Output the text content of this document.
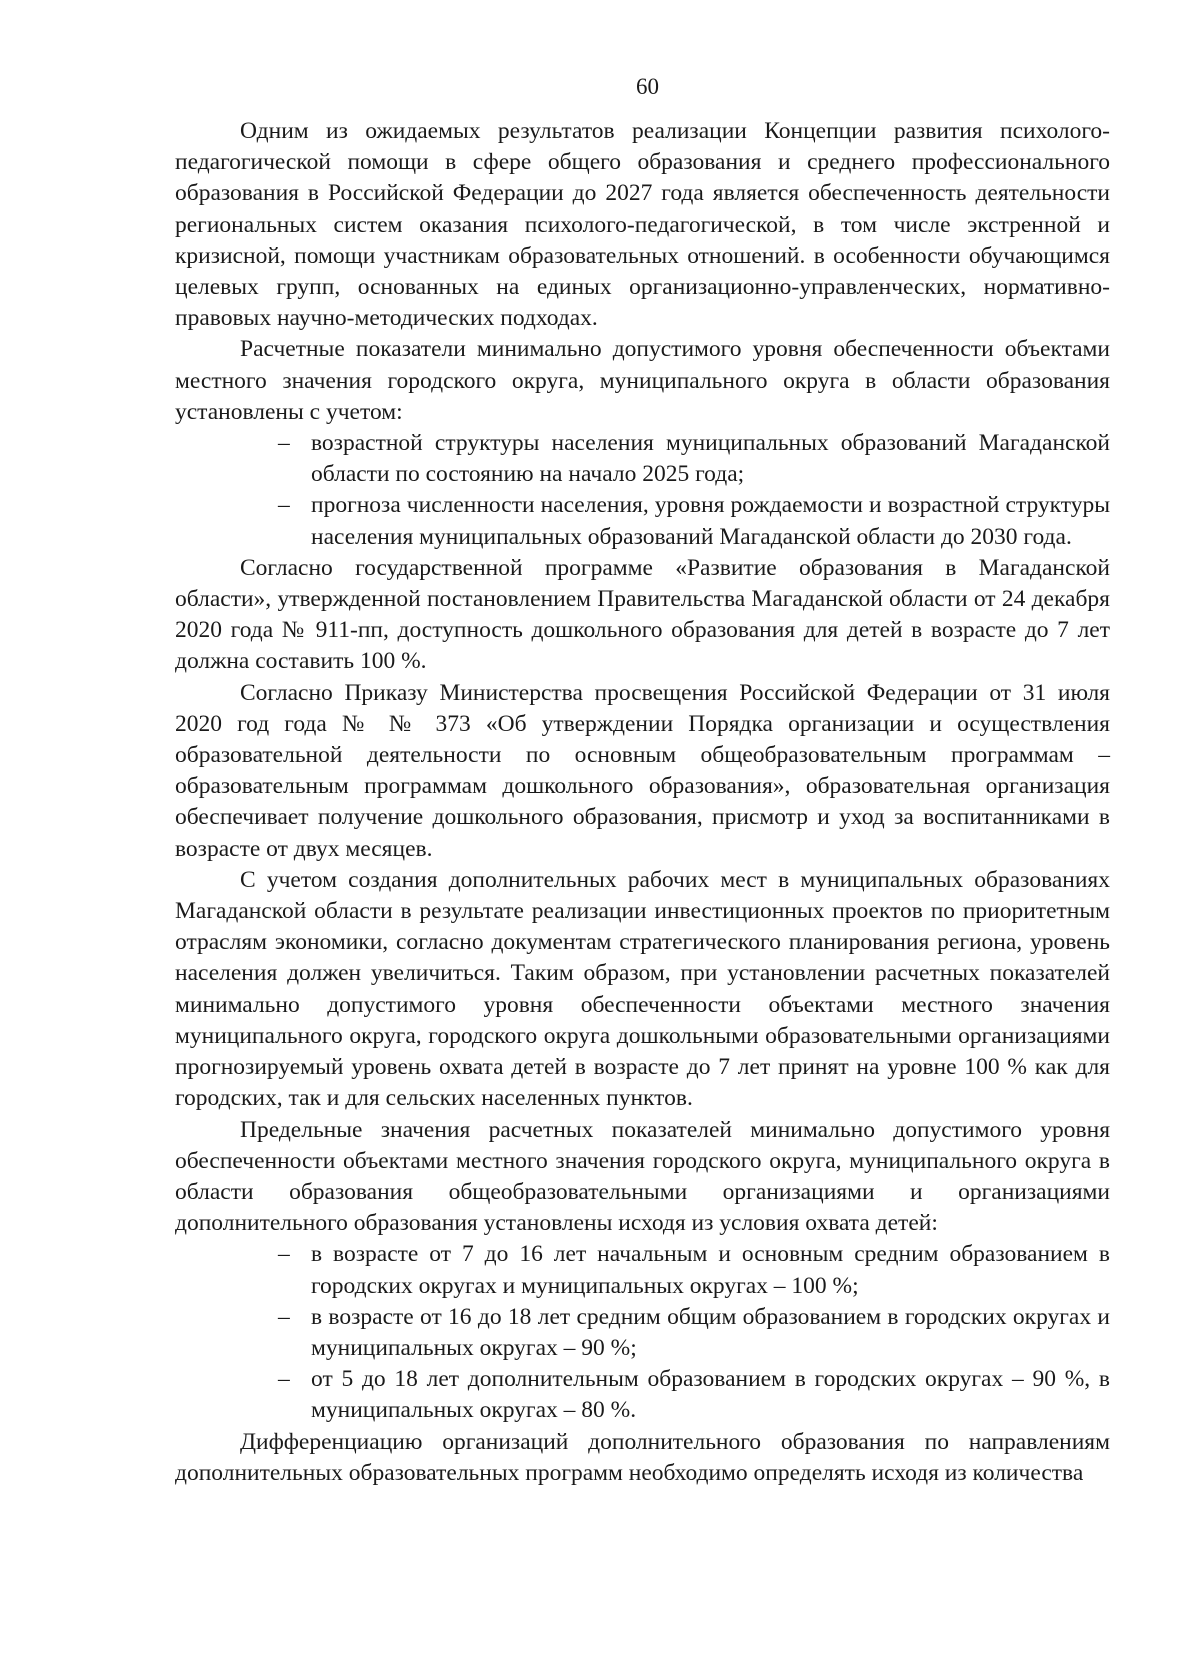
60

Одним из ожидаемых результатов реализации Концепции развития психолого-педагогической помощи в сфере общего образования и среднего профессионального образования в Российской Федерации до 2027 года является обеспеченность деятельности региональных систем оказания психолого-педагогической, в том числе экстренной и кризисной, помощи участникам образовательных отношений. в особенности обучающимся целевых групп, основанных на единых организационно-управленческих, нормативно-правовых научно-методических подходах.

Расчетные показатели минимально допустимого уровня обеспеченности объектами местного значения городского округа, муниципального округа в области образования установлены с учетом:

– возрастной структуры населения муниципальных образований Магаданской области по состоянию на начало 2025 года;
– прогноза численности населения, уровня рождаемости и возрастной структуры населения муниципальных образований Магаданской области до 2030 года.

Согласно государственной программе «Развитие образования в Магаданской области», утвержденной постановлением Правительства Магаданской области от 24 декабря 2020 года № 911-пп, доступность дошкольного образования для детей в возрасте до 7 лет должна составить 100 %.

Согласно Приказу Министерства просвещения Российской Федерации от 31 июля 2020 год года № № 373 «Об утверждении Порядка организации и осуществления образовательной деятельности по основным общеобразовательным программам – образовательным программам дошкольного образования», образовательная организация обеспечивает получение дошкольного образования, присмотр и уход за воспитанниками в возрасте от двух месяцев.

С учетом создания дополнительных рабочих мест в муниципальных образованиях Магаданской области в результате реализации инвестиционных проектов по приоритетным отраслям экономики, согласно документам стратегического планирования региона, уровень населения должен увеличиться. Таким образом, при установлении расчетных показателей минимально допустимого уровня обеспеченности объектами местного значения муниципального округа, городского округа дошкольными образовательными организациями прогнозируемый уровень охвата детей в возрасте до 7 лет принят на уровне 100 % как для городских, так и для сельских населенных пунктов.

Предельные значения расчетных показателей минимально допустимого уровня обеспеченности объектами местного значения городского округа, муниципального округа в области образования общеобразовательными организациями и организациями дополнительного образования установлены исходя из условия охвата детей:

– в возрасте от 7 до 16 лет начальным и основным средним образованием в городских округах и муниципальных округах – 100 %;
– в возрасте от 16 до 18 лет средним общим образованием в городских округах и муниципальных округах – 90 %;
– от 5 до 18 лет дополнительным образованием в городских округах – 90 %, в муниципальных округах – 80 %.

Дифференциацию организаций дополнительного образования по направлениям дополнительных образовательных программ необходимо определять исходя из количества
